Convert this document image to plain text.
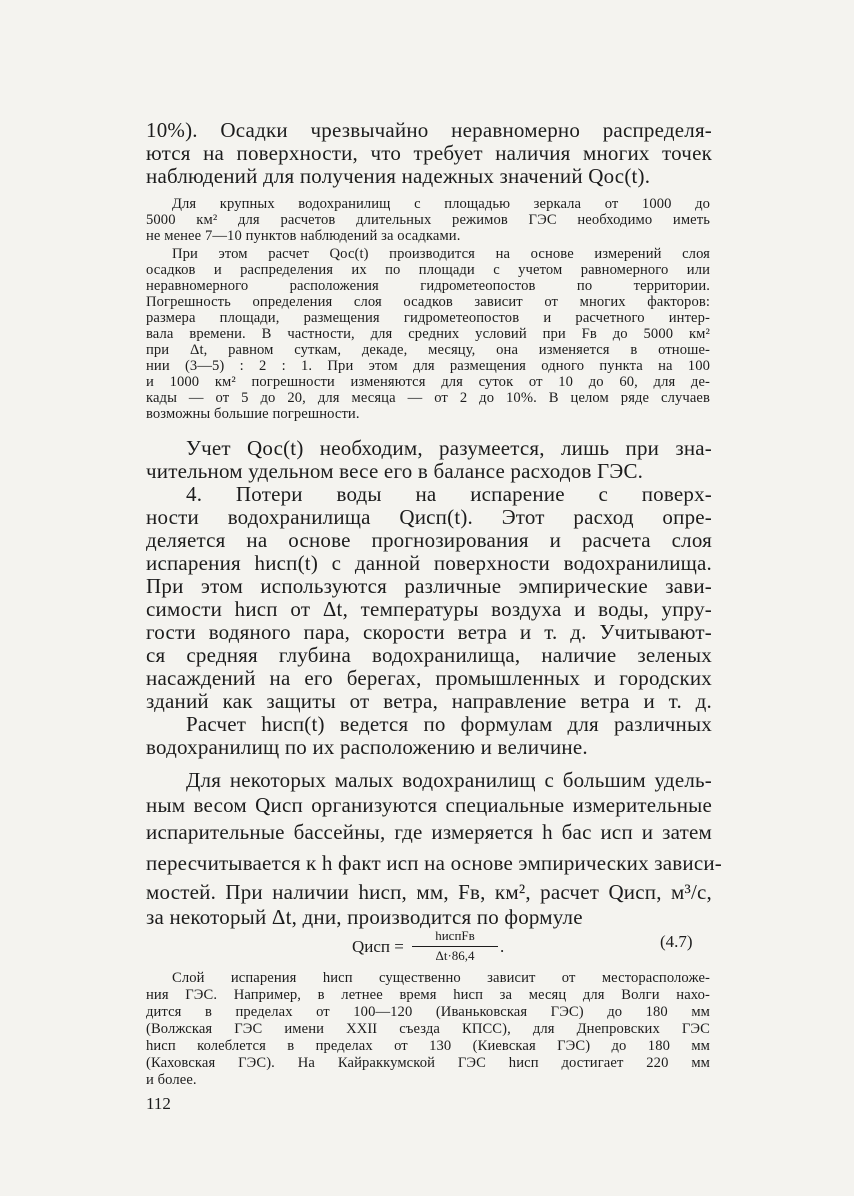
10%). Осадки чрезвычайно неравномерно распределя-
ются на поверхности, что требует наличия многих точек
наблюдений для получения надежных значений Qос(t).
Для крупных водохранилищ с площадью зеркала от 1000 до
5000 км² для расчетов длительных режимов ГЭС необходимо иметь
не менее 7—10 пунктов наблюдений за осадками.
При этом расчет Qос(t) производится на основе измерений слоя
осадков и распределения их по площади с учетом равномерного или
неравномерного расположения гидрометеопостов по территории.
Погрешность определения слоя осадков зависит от многих факторов:
размера площади, размещения гидрометеопостов и расчетного интер-
вала времени. В частности, для средних условий при Fв до 5000 км²
при Δt, равном суткам, декаде, месяцу, она изменяется в отноше-
нии (3—5) : 2 : 1. При этом для размещения одного пункта на 100
и 1000 км² погрешности изменяются для суток от 10 до 60, для де-
кады — от 5 до 20, для месяца — от 2 до 10%. В целом ряде случаев
возможны большие погрешности.
Учет Qос(t) необходим, разумеется, лишь при зна-
чительном удельном весе его в балансе расходов ГЭС.
4. Потери воды на испарение с поверх-
ности водохранилища Qисп(t). Этот расход опре-
деляется на основе прогнозирования и расчета слоя
испарения hисп(t) с данной поверхности водохранилища.
При этом используются различные эмпирические зави-
симости hисп от Δt, температуры воздуха и воды, упру-
гости водяного пара, скорости ветра и т. д. Учитывают-
ся средняя глубина водохранилища, наличие зеленых
насаждений на его берегах, промышленных и городских
зданий как защиты от ветра, направление ветра и т. д.
Расчет hисп(t) ведется по формулам для различных
водохранилищ по их расположению и величине.
Для некоторых малых водохранилищ с большим удель-
ным весом Qисп организуются специальные измерительные
испарительные бассейны, где измеряется h бас исп и затем
пересчитывается к h факт исп на основе эмпирических зависи-
мостей. При наличии hисп, мм, Fв, км², расчет Qисп, м³/с,
за некоторый Δt, дни, производится по формуле
Qисп =
hиспFв
Δt·86,4	.	(4.7)
Слой испарения hисп существенно зависит от месторасположе-
ния ГЭС. Например, в летнее время hисп за месяц для Волги нахо-
дится в пределах от 100—120 (Иваньковская ГЭС) до 180 мм
(Волжская ГЭС имени XXII съезда КПСС), для Днепровских ГЭС
hисп колеблется в пределах от 130 (Киевская ГЭС) до 180 мм
(Каховская ГЭС). На Кайраккумской ГЭС hисп достигает 220 мм
и более.
112
